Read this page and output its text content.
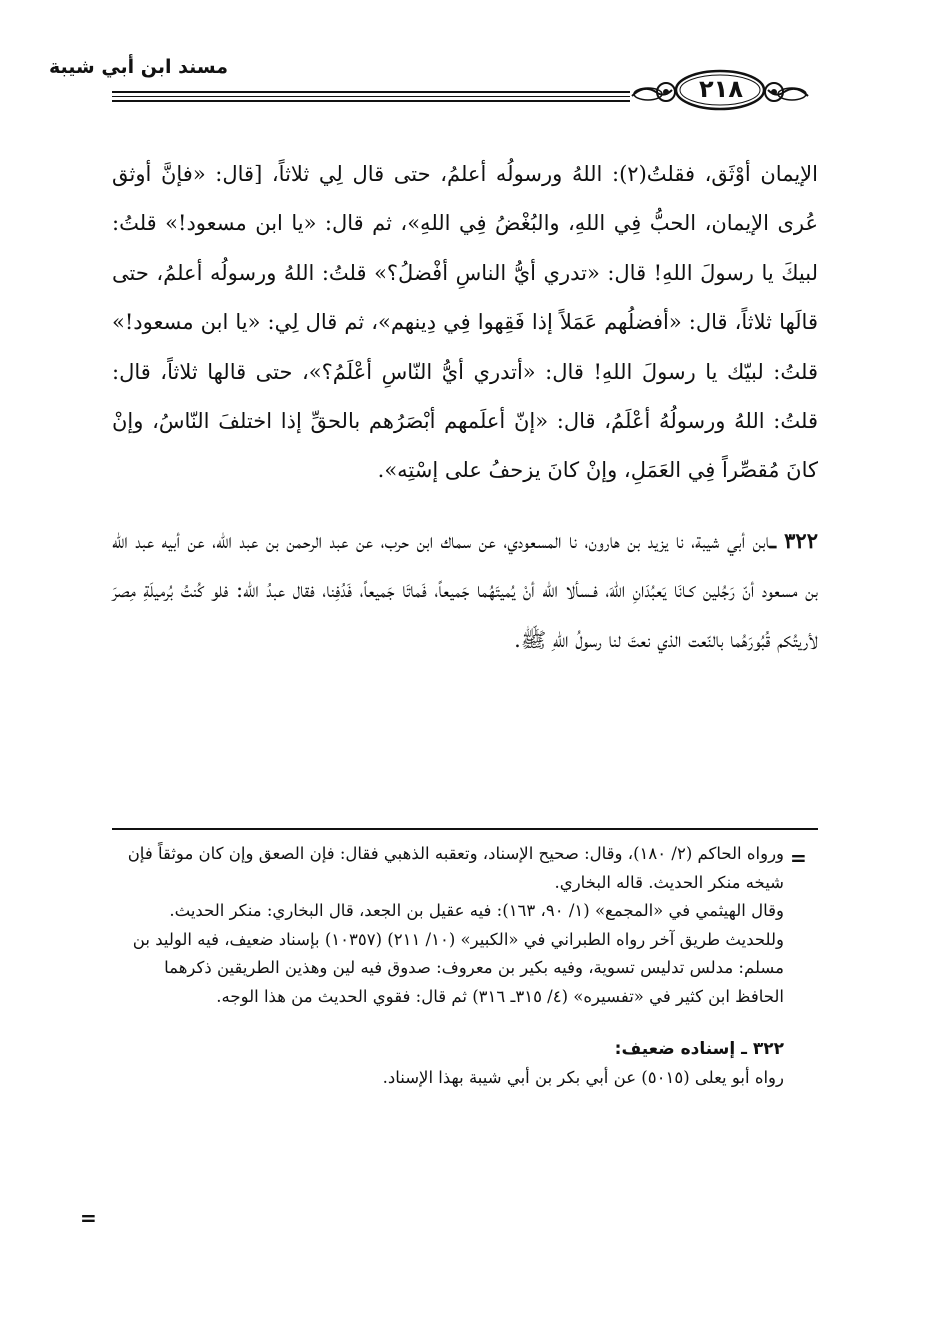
مسند ابن أبي شيبة
٢١٨

الإيمان أوْثَق، فقلتُ(٢): اللهُ ورسولُه أعلمُ، حتى قال لِي ثلاثاً، [قال: «فإنَّ أوثق عُرى الإيمان، الحبُّ فِي اللهِ، والبُغْضُ فِي اللهِ»، ثم قال: «يا ابن مسعود!» قلتُ: لبيكَ يا رسولَ اللهِ! قال: «تدري أيُّ الناسِ أفْضلُ؟» قلتُ: اللهُ ورسولُه أعلمُ، حتى قالَها ثلاثاً، قال: «أفضلُهم عَمَلاً إذا فَقِهوا فِي دِينهم»، ثم قال لِي: «يا ابن مسعود!» قلتُ: لبيّك يا رسولَ اللهِ! قال: «أتدري أيُّ النّاسِ أعْلَمُ؟»، حتى قالها ثلاثاً، قال: قلتُ: اللهُ ورسولُهُ أعْلَمُ، قال: «إنّ أعلَمهم أبْصَرُهم بالحقِّ إذا اختلفَ النّاسُ، وإنْ كانَ مُقصِّراً فِي العَمَلِ، وإنْ كانَ يزحفُ على إسْتِه».

٣٢٢ ـابن أبي شيبة، نا يزيد بن هارون، نا المسعودي، عن سماك ابن حرب، عن عبد الرحمن بن عبد الله، عن أبيه عبد الله بن مسعود أنّ رَجُلين كـانَا يَعبُدَانِ اللّهَ، فـسألا الله أنْ يُميتَهُما جَميعاً، فَماتَا جَميعاً، فَدُفِنا، فقال عبدُ الله: فلو كُنتُ بُرميلَةِ مِصرَ لأريتُكم قُبُورَهُما بالنّعت الذي نعتَ لنا رسولُ اللهِ ﷺ.

=

ورواه الحاكم (٢/ ١٨٠)، وقال: صحيح الإسناد، وتعقبه الذهبي فقال: فإن الصعق وإن كان موثقاً فإن شيخه منكر الحديث. قاله البخاري.

وقال الهيثمي في «المجمع» (١/ ٩٠، ١٦٣): فيه عقيل بن الجعد، قال البخاري: منكر الحديث.

وللحديث طريق آخر رواه الطبراني في «الكبير» (١٠/ ٢١١) (١٠٣٥٧) بإسناد ضعيف، فيه الوليد بن مسلم: مدلس تدليس تسوية، وفيه بكير بن معروف: صدوق فيه لين وهذين الطريقين ذكرهما الحافظ ابن كثير في «تفسيره» (٤/ ٣١٥ـ ٣١٦) ثم قال: فقوي الحديث من هذا الوجه.

٣٢٢ ـ إسناده ضعيف:

رواه أبو يعلى (٥٠١٥) عن أبي بكر بن أبي شيبة بهذا الإسناد.

=
